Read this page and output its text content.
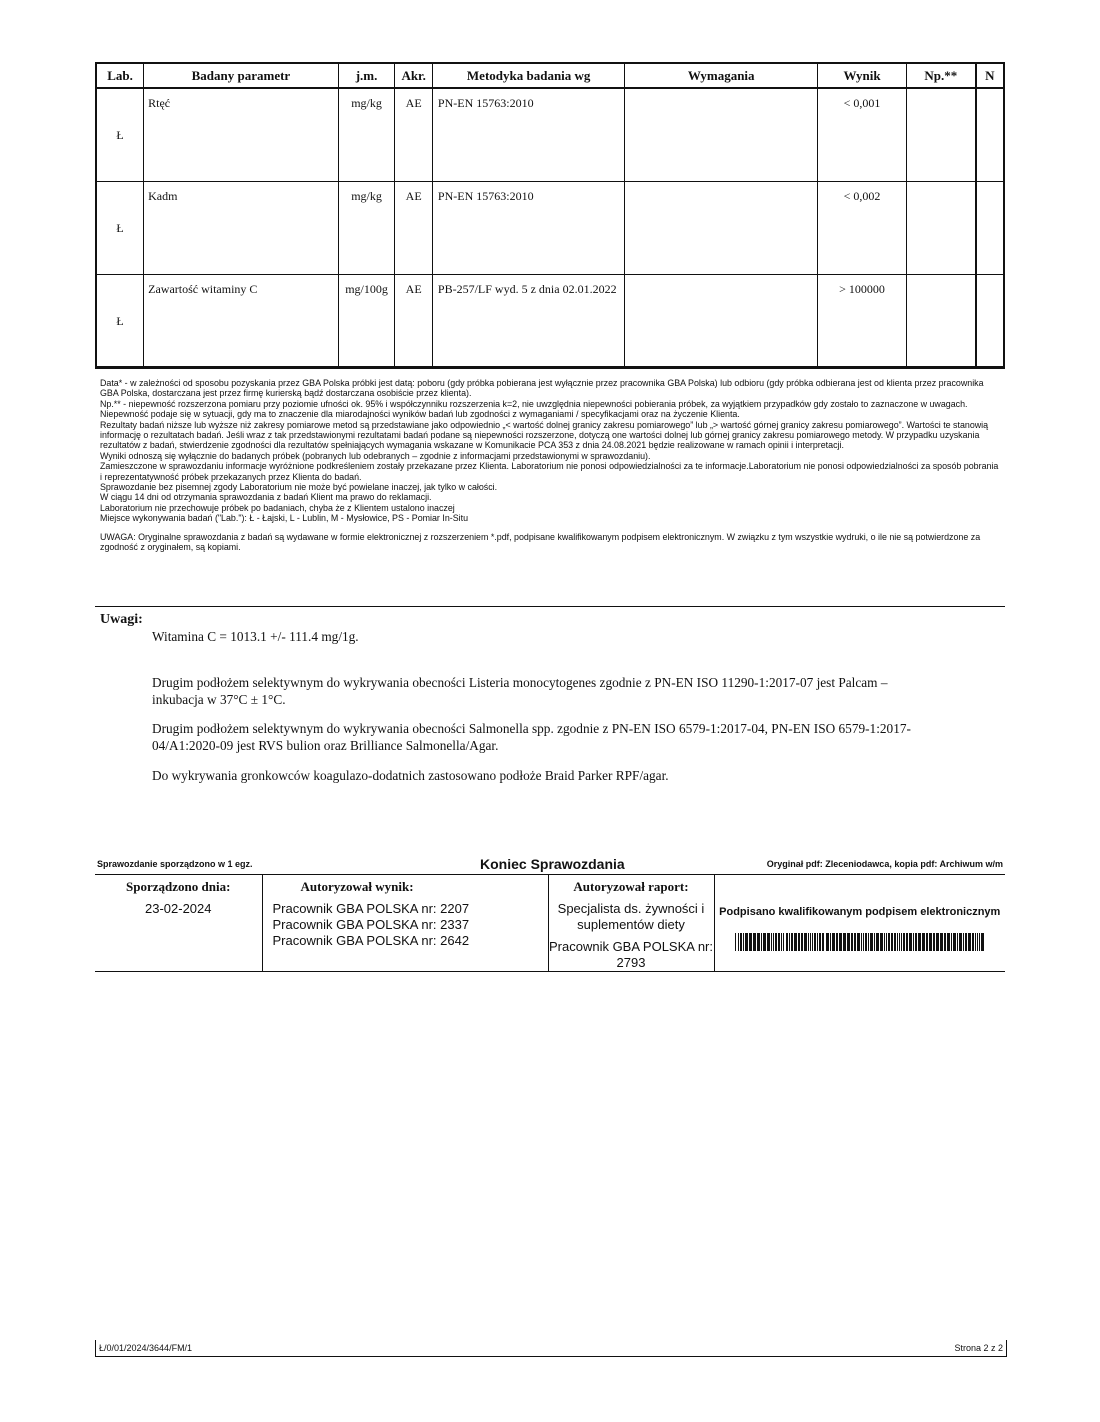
Lab.	Badany parametr	j.m.	Akr.	Metodyka badania wg	Wymagania	Wynik	Np.**	N
Ł	Rtęć	mg/kg	AE	PN-EN 15763:2010		< 0,001		
Ł	Kadm	mg/kg	AE	PN-EN 15763:2010		< 0,002		
Ł	Zawartość witaminy C	mg/100g	AE	PB-257/LF wyd. 5 z dnia 02.01.2022		> 100000		

Data* - w zależności od sposobu pozyskania przez GBA Polska próbki jest datą: poboru (gdy próbka pobierana jest wyłącznie przez pracownika GBA Polska) lub odbioru (gdy próbka odbierana jest od klienta przez pracownika GBA Polska, dostarczana jest przez firmę kurierską bądź dostarczana osobiście przez klienta).

Np.** - niepewność rozszerzona pomiaru przy poziomie ufności ok. 95% i współczynniku rozszerzenia k=2, nie uwzględnia niepewności pobierania próbek, za wyjątkiem przypadków gdy zostało to zaznaczone w uwagach.

Niepewność podaje się w sytuacji, gdy ma to znaczenie dla miarodajności wyników badań lub zgodności z wymaganiami / specyfikacjami oraz na życzenie Klienta.

Rezultaty badań niższe lub wyższe niż zakresy pomiarowe metod są przedstawiane jako odpowiednio „< wartość dolnej granicy zakresu pomiarowego” lub „> wartość górnej granicy zakresu pomiarowego”. Wartości te stanowią informację o rezultatach badań. Jeśli wraz z tak przedstawionymi rezultatami badań podane są niepewności rozszerzone, dotyczą one wartości dolnej lub górnej granicy zakresu pomiarowego metody. W przypadku uzyskania rezultatów z badań, stwierdzenie zgodności dla rezultatów spełniających wymagania wskazane w Komunikacie PCA 353 z dnia 24.08.2021 będzie realizowane w ramach opinii i interpretacji.

Wyniki odnoszą się wyłącznie do badanych próbek (pobranych lub odebranych – zgodnie z informacjami przedstawionymi w sprawozdaniu).

Zamieszczone w sprawozdaniu informacje wyróżnione podkreśleniem zostały przekazane przez Klienta. Laboratorium nie ponosi odpowiedzialności za te informacje.Laboratorium nie ponosi odpowiedzialności za sposób pobrania i reprezentatywność próbek przekazanych przez Klienta do badań.

Sprawozdanie bez pisemnej zgody Laboratorium nie może być powielane inaczej, jak tylko w całości.

W ciągu 14 dni od otrzymania sprawozdania z badań Klient ma prawo do reklamacji.

Laboratorium nie przechowuje próbek po badaniach, chyba że z Klientem ustalono inaczej

Miejsce wykonywania badań ("Lab."): Ł - Łajski, L - Lublin, M - Mysłowice, PS - Pomiar In-Situ

UWAGA: Oryginalne sprawozdania z badań są wydawane w formie elektronicznej z rozszerzeniem *.pdf, podpisane kwalifikowanym podpisem elektronicznym. W związku z tym wszystkie wydruki, o ile nie są potwierdzone za zgodność z oryginałem, są kopiami.

Uwagi:

Witamina C = 1013.1 +/- 111.4 mg/1g.

Drugim podłożem selektywnym do wykrywania obecności Listeria monocytogenes zgodnie z PN-EN ISO 11290-1:2017-07 jest Palcam – inkubacja w 37°C ± 1°C.

Drugim podłożem selektywnym do wykrywania obecności Salmonella spp. zgodnie z PN-EN ISO 6579-1:2017-04, PN-EN ISO 6579-1:2017-04/A1:2020-09 jest RVS bulion oraz Brilliance Salmonella/Agar.

Do wykrywania gronkowców koagulazo-dodatnich zastosowano podłoże Braid Parker RPF/agar.

Sprawozdanie sporządzono w 1 egz.	Koniec Sprawozdania	Oryginał pdf: Zleceniodawca, kopia pdf: Archiwum w/m

Sporządzono dnia:

23-02-2024

Autoryzował wynik:

Pracownik GBA POLSKA nr: 2207

Pracownik GBA POLSKA nr: 2337

Pracownik GBA POLSKA nr: 2642

Autoryzował raport:

Specjalista ds. żywności i suplementów diety

Pracownik GBA POLSKA nr: 2793

Podpisano kwalifikowanym podpisem elektronicznym

Ł/0/01/2024/3644/FM/1	Strona 2 z 2
